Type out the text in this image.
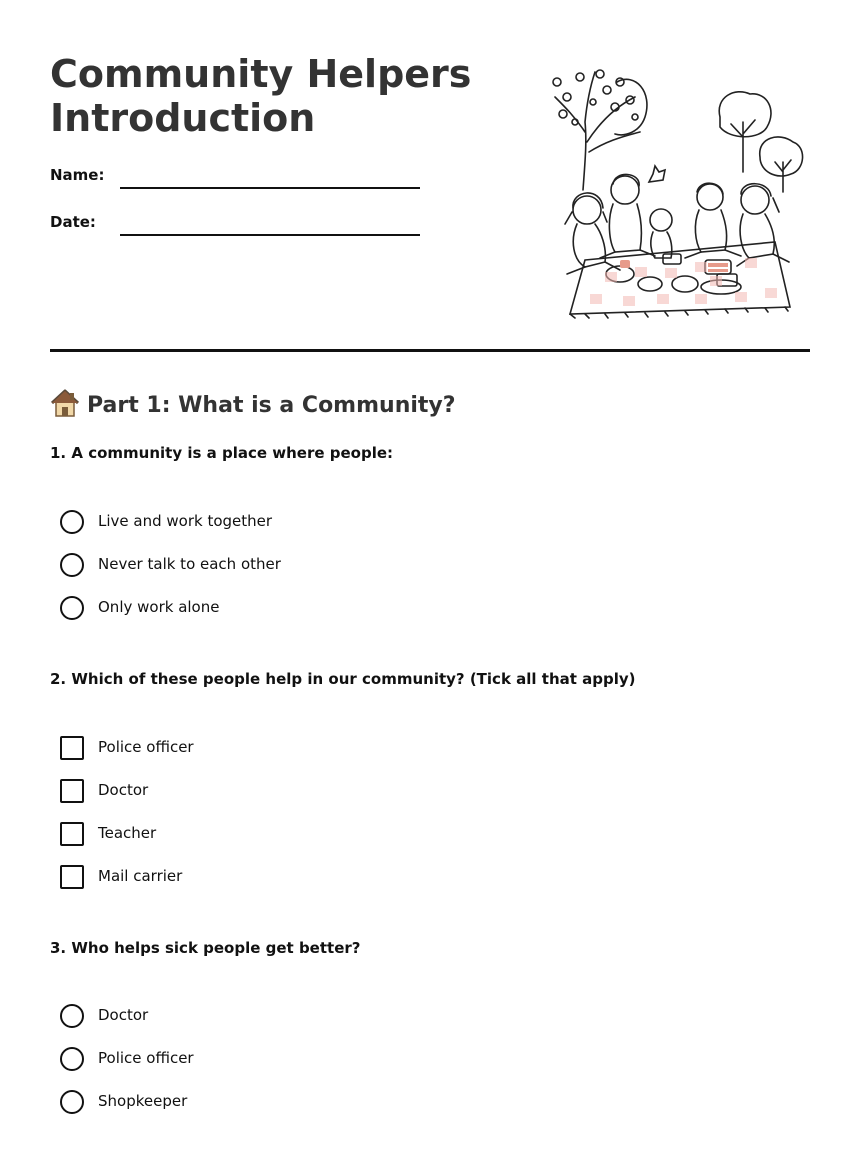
Community Helpers
Introduction
Name:
Date:
Part 1: What is a Community?
1. A community is a place where people:
Live and work together
Never talk to each other
Only work alone
2. Which of these people help in our community? (Tick all that apply)
Police officer
Doctor
Teacher
Mail carrier
3. Who helps sick people get better?
Doctor
Police officer
Shopkeeper
